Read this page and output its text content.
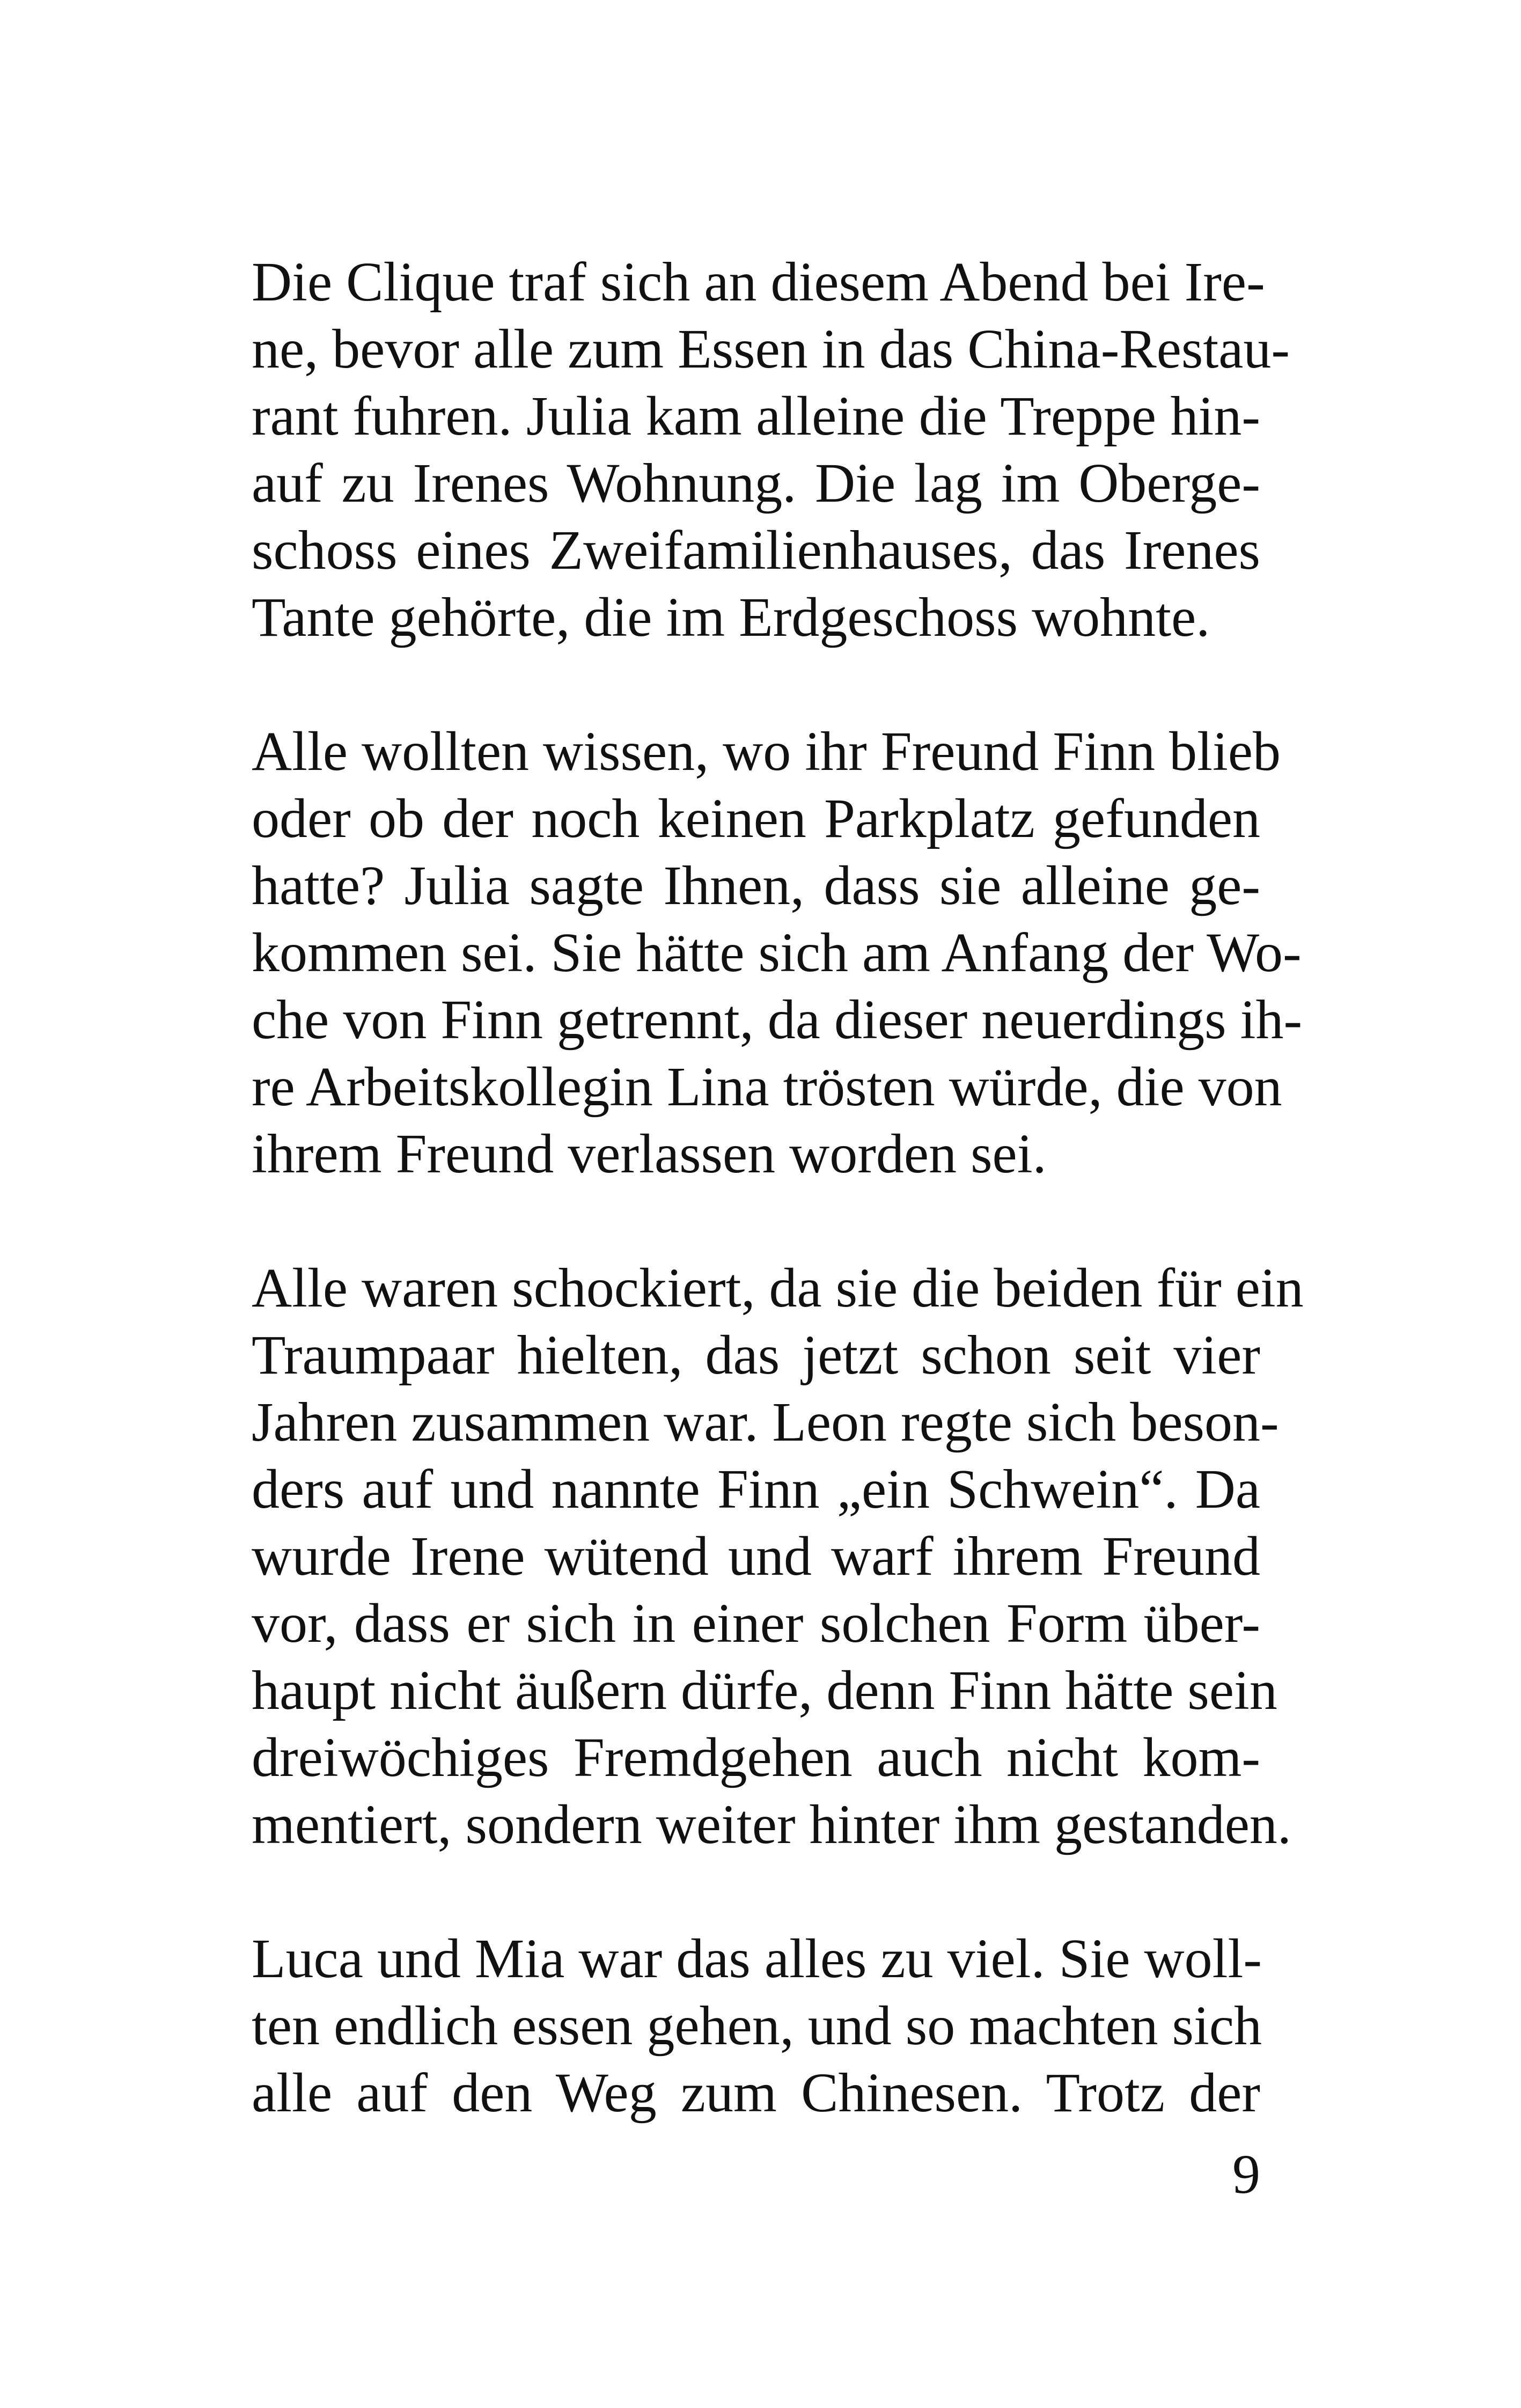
Die Clique traf sich an diesem Abend bei Ire-
ne, bevor alle zum Essen in das China-Restau-
rant fuhren. Julia kam alleine die Treppe hin-
auf zu Irenes Wohnung. Die lag im Oberge-
schoss eines Zweifamilienhauses, das Irenes
Tante gehörte, die im Erdgeschoss wohnte.
Alle wollten wissen, wo ihr Freund Finn blieb
oder ob der noch keinen Parkplatz gefunden
hatte? Julia sagte Ihnen, dass sie alleine ge-
kommen sei. Sie hätte sich am Anfang der Wo-
che von Finn getrennt, da dieser neuerdings ih-
re Arbeitskollegin Lina trösten würde, die von
ihrem Freund verlassen worden sei.
Alle waren schockiert, da sie die beiden für ein
Traumpaar hielten, das jetzt schon seit vier
Jahren zusammen war. Leon regte sich beson-
ders auf und nannte Finn „ein Schwein“. Da
wurde Irene wütend und warf ihrem Freund
vor, dass er sich in einer solchen Form über-
haupt nicht äußern dürfe, denn Finn hätte sein
dreiwöchiges Fremdgehen auch nicht kom-
mentiert, sondern weiter hinter ihm gestanden.
Luca und Mia war das alles zu viel. Sie woll-
ten endlich essen gehen, und so machten sich
alle auf den Weg zum Chinesen. Trotz der
9
